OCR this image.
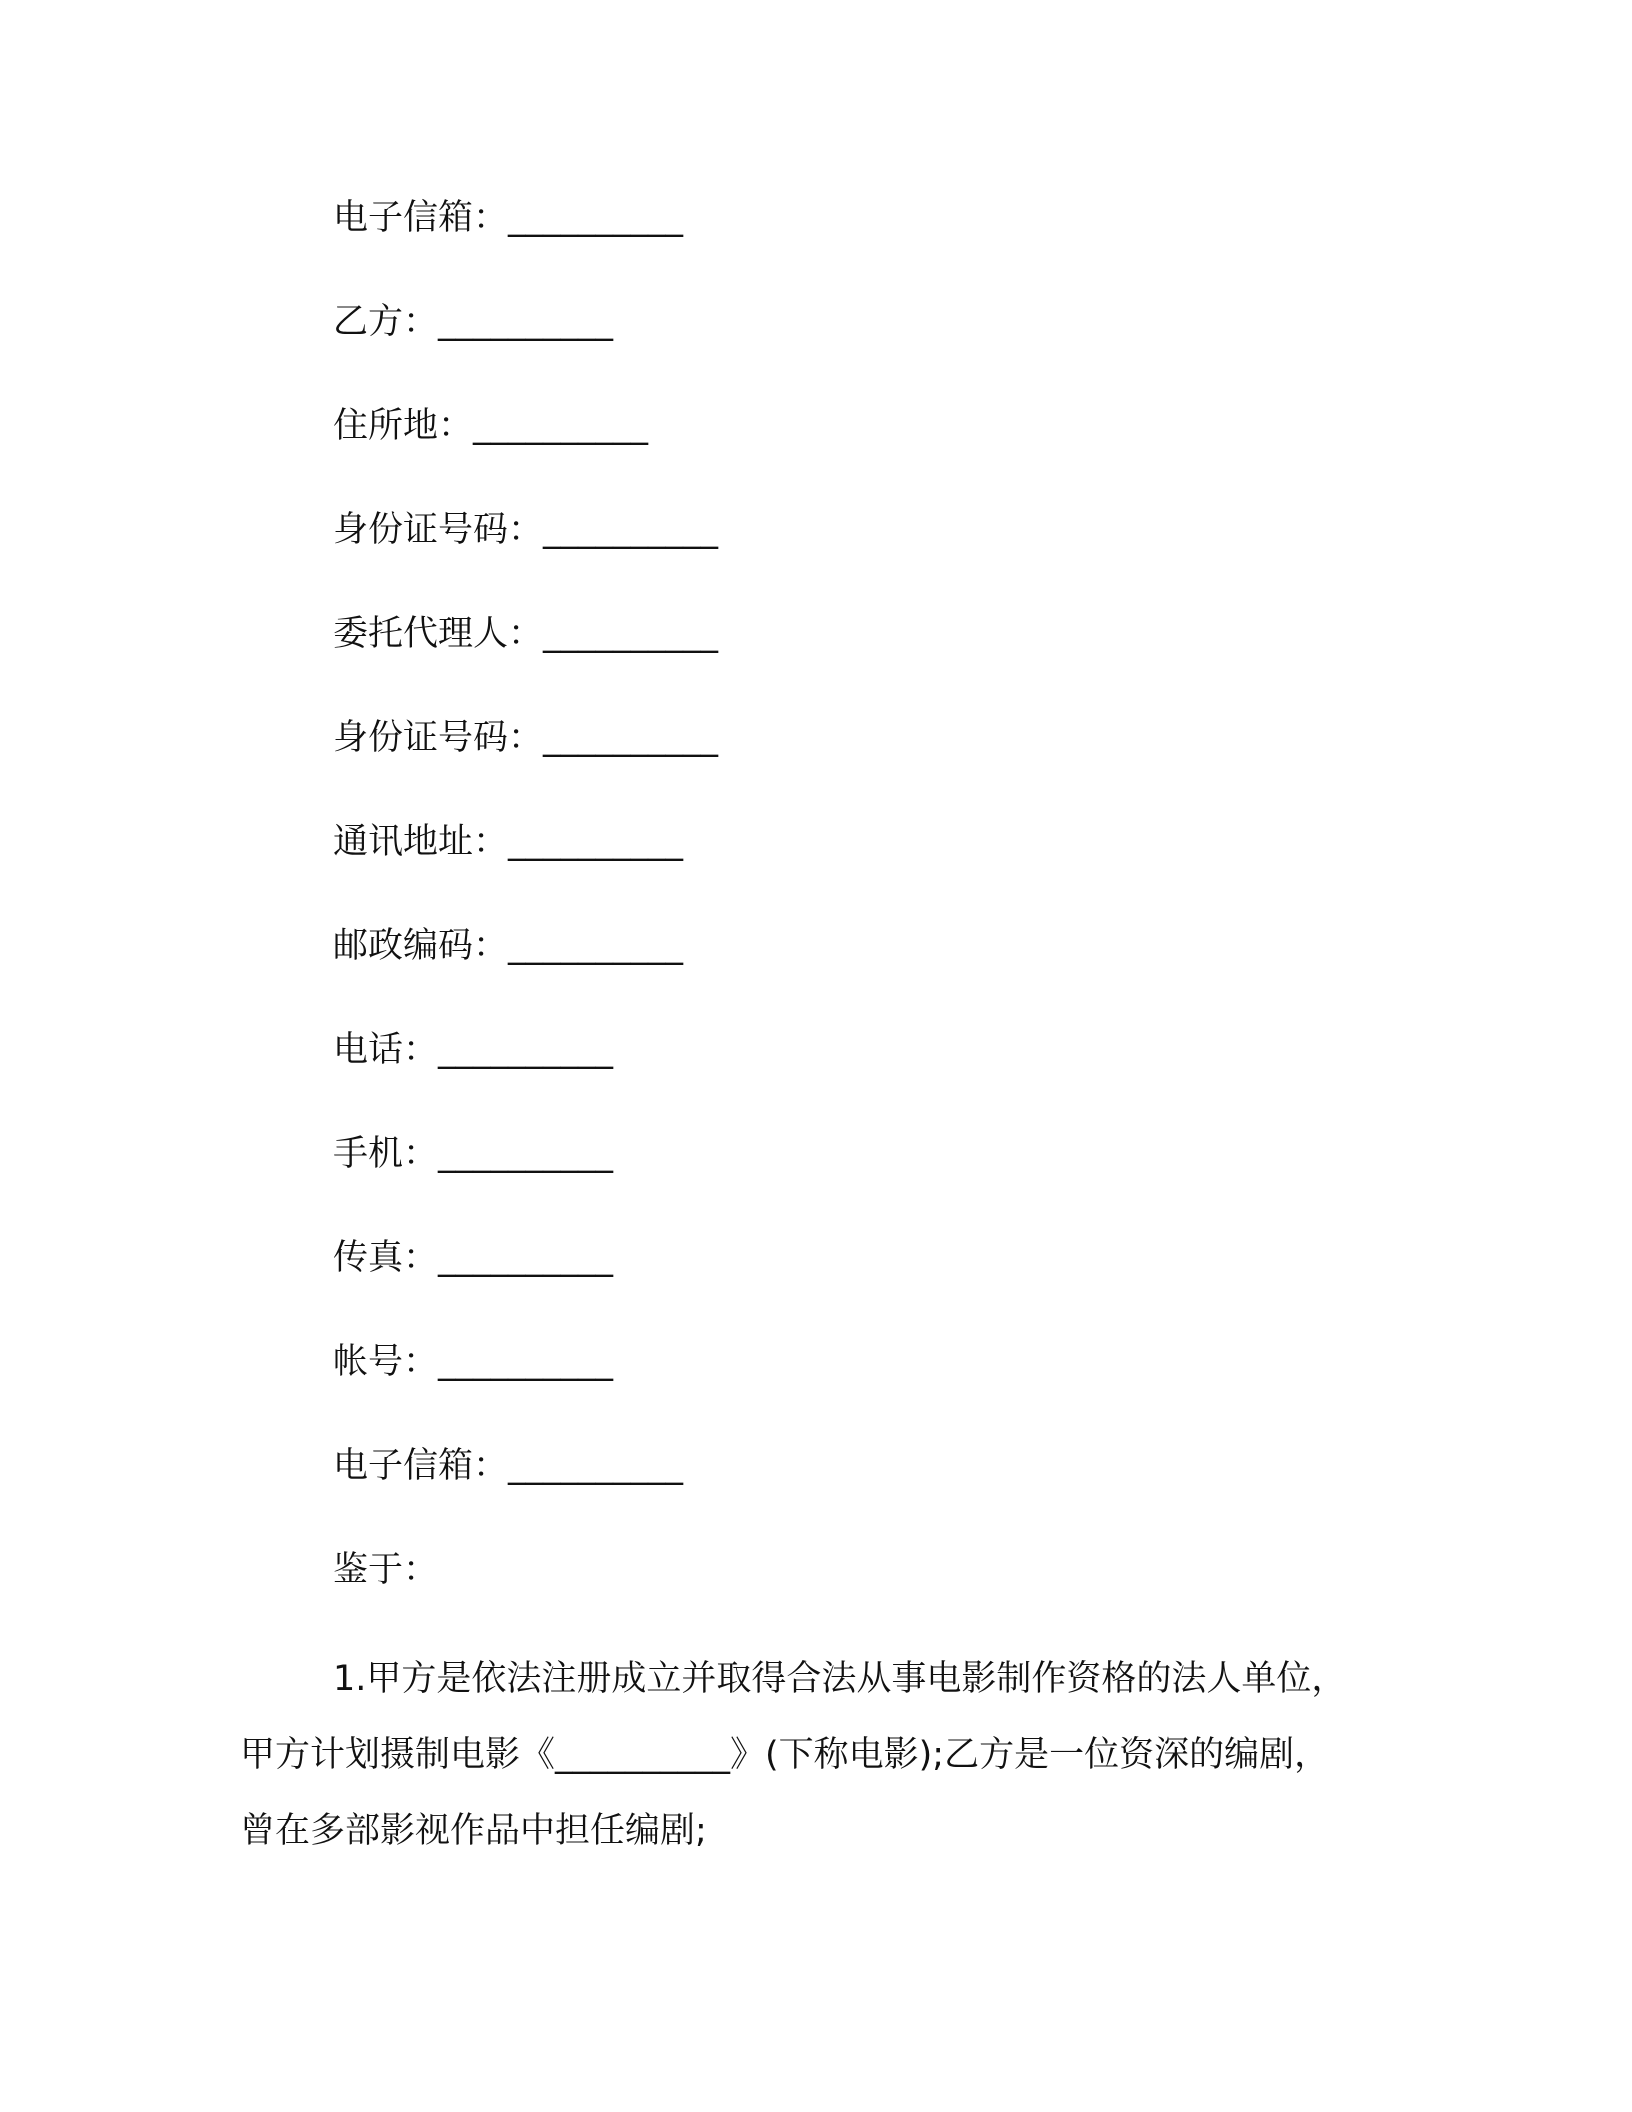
电子信箱：__________
乙方：__________
住所地：__________
身份证号码：__________
委托代理人：__________
身份证号码：__________
通讯地址：__________
邮政编码：__________
电话：__________
手机：__________
传真：__________
帐号：__________
电子信箱：__________
鉴于：
1.甲方是依法注册成立并取得合法从事电影制作资格的法人单位，
甲方计划摄制电影《__________》(下称电影);乙方是一位资深的编剧，
曾在多部影视作品中担任编剧;
